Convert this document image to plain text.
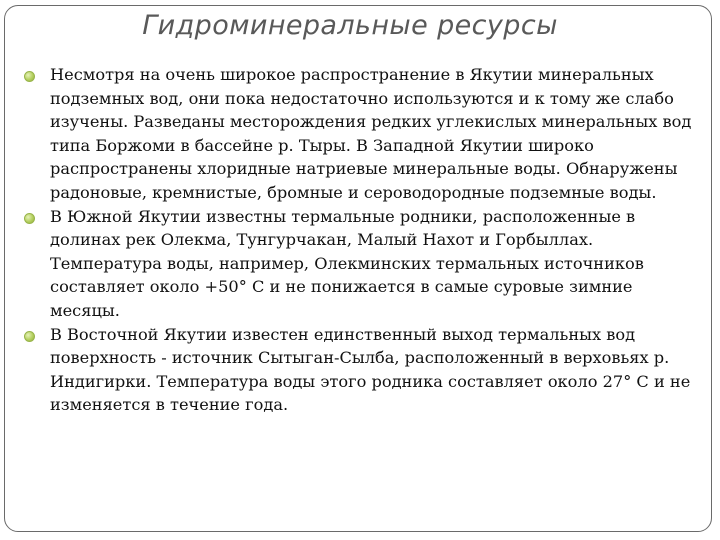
Гидроминеральные ресурсы
Несмотря на очень широкое распространение в Якутии минеральных подземных вод, они пока недостаточно используются и к тому же слабо изучены. Разведаны месторождения редких углекислых минеральных вод типа Боржоми в бассейне р. Тыры. В Западной Якутии широко распространены хлоридные натриевые минеральные воды. Обнаружены радоновые, кремнистые, бромные и сероводородные подземные воды.
В Южной Якутии известны термальные родники, расположенные в долинах рек Олекма, Тунгурчакан, Малый Нахот и Горбыллах. Температура воды, например, Олекминских термальных источников составляет около +50° С и не понижается в самые суровые зимние месяцы.
В Восточной Якутии известен единственный выход термальных вод поверхность - источник Сытыган-Сылба, расположенный в верховьях р. Индигирки. Температура воды этого родника составляет около 27° С и не изменяется в течение года.
